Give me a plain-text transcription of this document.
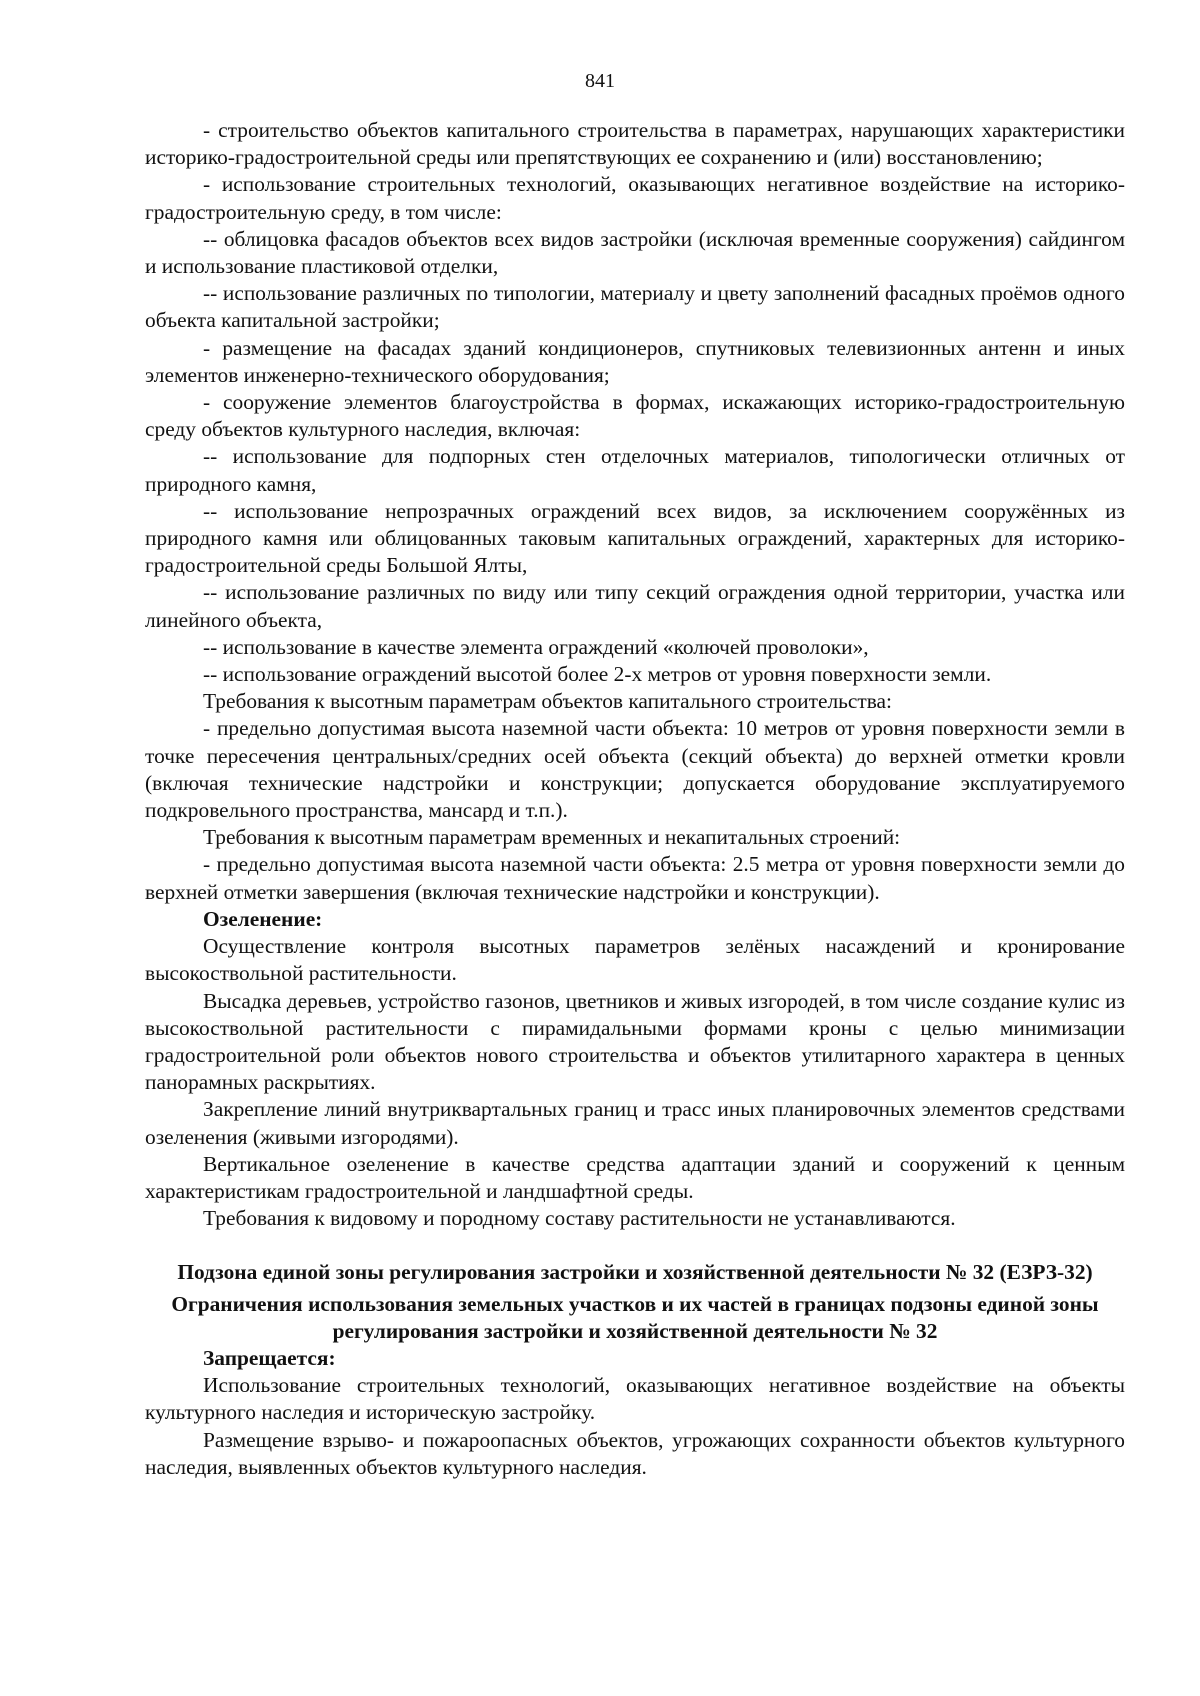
841

- строительство объектов капитального строительства в параметрах, нарушающих характеристики историко-градостроительной среды или препятствующих ее сохранению и (или) восстановлению;

- использование строительных технологий, оказывающих негативное воздействие на историко-градостроительную среду, в том числе:

-- облицовка фасадов объектов всех видов застройки (исключая временные сооружения) сайдингом и использование пластиковой отделки,

-- использование различных по типологии, материалу и цвету заполнений фасадных проёмов одного объекта капитальной застройки;

- размещение на фасадах зданий кондиционеров, спутниковых телевизионных антенн и иных элементов инженерно-технического оборудования;

- сооружение элементов благоустройства в формах, искажающих историко-градостроительную среду объектов культурного наследия, включая:

-- использование для подпорных стен отделочных материалов, типологически отличных от природного камня,

-- использование непрозрачных ограждений всех видов, за исключением сооружённых из природного камня или облицованных таковым капитальных ограждений, характерных для историко-градостроительной среды Большой Ялты,

-- использование различных по виду или типу секций ограждения одной территории, участка или линейного объекта,

-- использование в качестве элемента ограждений «колючей проволоки»,

-- использование ограждений высотой более 2-х метров от уровня поверхности земли.

Требования к высотным параметрам объектов капитального строительства:

- предельно допустимая высота наземной части объекта: 10 метров от уровня поверхности земли в точке пересечения центральных/средних осей объекта (секций объекта) до верхней отметки кровли (включая технические надстройки и конструкции; допускается оборудование эксплуатируемого подкровельного пространства, мансард и т.п.).

Требования к высотным параметрам временных и некапитальных строений:

- предельно допустимая высота наземной части объекта: 2.5 метра от уровня поверхности земли до верхней отметки завершения (включая технические надстройки и конструкции).

Озеленение:

Осуществление контроля высотных параметров зелёных насаждений и кронирование высокоствольной растительности.

Высадка деревьев, устройство газонов, цветников и живых изгородей, в том числе создание кулис из высокоствольной растительности с пирамидальными формами кроны с целью минимизации градостроительной роли объектов нового строительства и объектов утилитарного характера в ценных панорамных раскрытиях.

Закрепление линий внутриквартальных границ и трасс иных планировочных элементов средствами озеленения (живыми изгородями).

Вертикальное озеленение в качестве средства адаптации зданий и сооружений к ценным характеристикам градостроительной и ландшафтной среды.

Требования к видовому и породному составу растительности не устанавливаются.

Подзона единой зоны регулирования застройки и хозяйственной деятельности № 32 (ЕЗРЗ-32)

Ограничения использования земельных участков и их частей в границах подзоны единой зоны регулирования застройки и хозяйственной деятельности № 32

Запрещается:

Использование строительных технологий, оказывающих негативное воздействие на объекты культурного наследия и историческую застройку.

Размещение взрыво- и пожароопасных объектов, угрожающих сохранности объектов культурного наследия, выявленных объектов культурного наследия.
